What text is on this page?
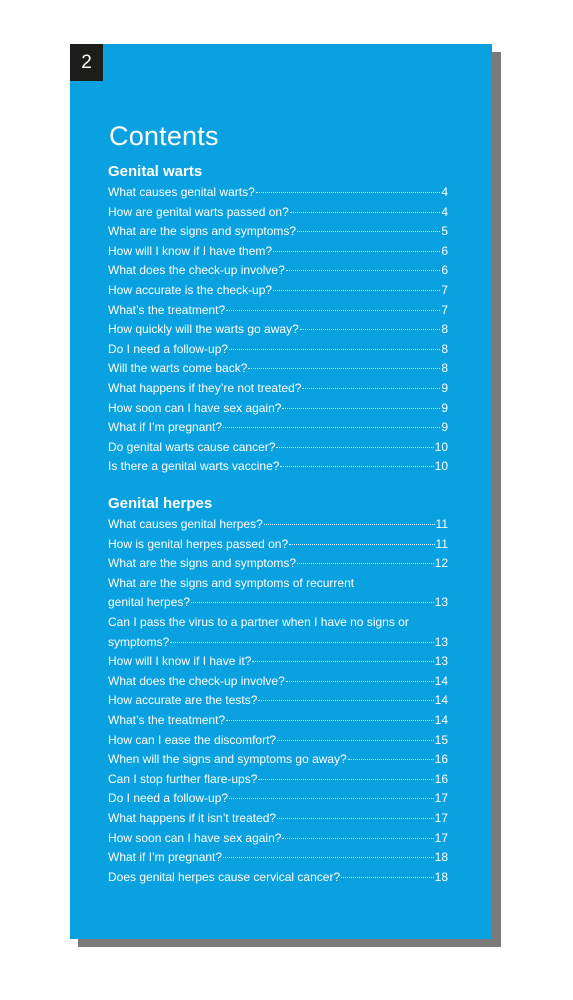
2
Contents
Genital warts
What causes genital warts?	4
How are genital warts passed on?	4
What are the signs and symptoms?	5
How will I know if I have them?	6
What does the check-up involve?	6
How accurate is the check-up?	7
What’s the treatment?	7
How quickly will the warts go away?	8
Do I need a follow-up?	8
Will the warts come back?	8
What happens if they’re not treated?	9
How soon can I have sex again?	9
What if I’m pregnant?	9
Do genital warts cause cancer?	10
Is there a genital warts vaccine?	10
Genital herpes
What causes genital herpes?	11
How is genital herpes passed on?	11
What are the signs and symptoms?	12
What are the signs and symptoms of recurrent
genital herpes?	13
Can I pass the virus to a partner when I have no signs or
symptoms?	13
How will I know if I have it?	13
What does the check-up involve?	14
How accurate are the tests?	14
What’s the treatment?	14
How can I ease the discomfort?	15
When will the signs and symptoms go away?	16
Can I stop further flare-ups?	16
Do I need a follow-up?	17
What happens if it isn’t treated?	17
How soon can I have sex again?	17
What if I’m pregnant?	18
Does genital herpes cause cervical cancer?	18
